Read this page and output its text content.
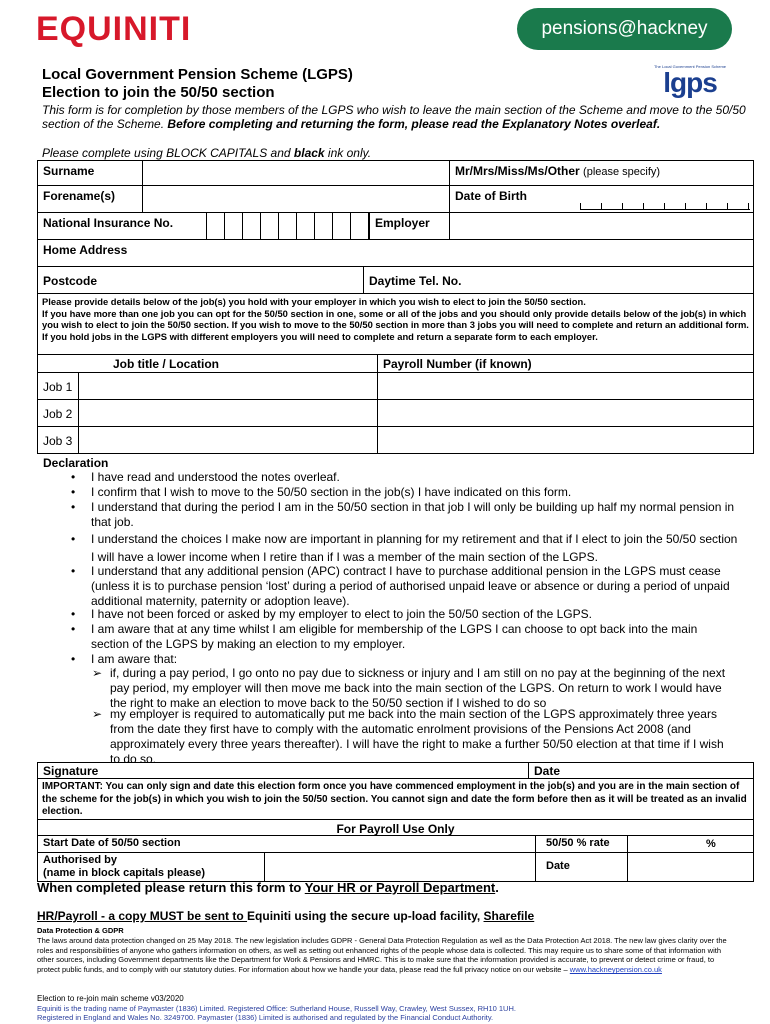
EQUINITI	pensions@hackney
The Local Government Pension Scheme
lgps
Local Government Pension Scheme (LGPS)
Election to join the 50/50 section
This form is for completion by those members of the LGPS who wish to leave the main section of the Scheme and move to the 50/50 section of the Scheme. Before completing and returning the form, please read the Explanatory Notes overleaf.
Please complete using BLOCK CAPITALS and black ink only.
Surname	Mr/Mrs/Miss/Ms/Other (please specify)
Forename(s)	Date of Birth
National Insurance No.	Employer
Home Address
Postcode	Daytime Tel. No.
Please provide details below of the job(s) you hold with your employer in which you wish to elect to join the 50/50 section.
If you have more than one job you can opt for the 50/50 section in one, some or all of the jobs and you should only provide details below of the job(s) in which you wish to elect to join the 50/50 section. If you wish to move to the 50/50 section in more than 3 jobs you will need to complete and return an additional form.
If you hold jobs in the LGPS with different employers you will need to complete and return a separate form to each employer.
Job title / Location	Payroll Number (if known)
Job 1
Job 2
Job 3
Declaration
• I have read and understood the notes overleaf.
• I confirm that I wish to move to the 50/50 section in the job(s) I have indicated on this form.
• I understand that during the period I am in the 50/50 section in that job I will only be building up half my normal pension in that job.
• I understand the choices I make now are important in planning for my retirement and that if I elect to join the 50/50 section I will have a lower income when I retire than if I was a member of the main section of the LGPS.
• I understand that any additional pension (APC) contract I have to purchase additional pension in the LGPS must cease (unless it is to purchase pension ‘lost’ during a period of authorised unpaid leave or absence or during a period of unpaid additional maternity, paternity or adoption leave).
• I have not been forced or asked by my employer to elect to join the 50/50 section of the LGPS.
• I am aware that at any time whilst I am eligible for membership of the LGPS I can choose to opt back into the main section of the LGPS by making an election to my employer.
• I am aware that:
➢ if, during a pay period, I go onto no pay due to sickness or injury and I am still on no pay at the beginning of the next pay period, my employer will then move me back into the main section of the LGPS. On return to work I would have the right to make an election to move back to the 50/50 section if I wished to do so
➢ my employer is required to automatically put me back into the main section of the LGPS approximately three years from the date they first have to comply with the automatic enrolment provisions of the Pensions Act 2008 (and approximately every three years thereafter). I will have the right to make a further 50/50 election at that time if I wish to do so.
Signature	Date
IMPORTANT: You can only sign and date this election form once you have commenced employment in the job(s) and you are in the main section of the scheme for the job(s) in which you wish to join the 50/50 section. You cannot sign and date the form before then as it will be treated as an invalid election.
For Payroll Use Only
Start Date of 50/50 section	50/50 % rate	%
Authorised by
(name in block capitals please)
Date
When completed please return this form to Your HR or Payroll Department.
HR/Payroll - a copy MUST be sent to Equiniti using the secure up-load facility, Sharefile
Data Protection & GDPR
The laws around data protection changed on 25 May 2018. The new legislation includes GDPR - General Data Protection Regulation as well as the Data Protection Act 2018. The new law gives clarity over the roles and responsibilities of anyone who gathers information on others, as well as setting out enhanced rights of the people whose data is collected. This may require us to share some of that information with other sources, including Government departments like the Department for Work & Pensions and HMRC. This is to make sure that the information provided is accurate, to prevent or detect crime or fraud, to protect public funds, and to comply with our statutory duties. For information about how we handle your data, please read the full privacy notice on our website – www.hackneypension.co.uk
Election to re-join main scheme v03/2020
Equiniti is the trading name of Paymaster (1836) Limited. Registered Office: Sutherland House, Russell Way, Crawley, West Sussex, RH10 1UH.
Registered in England and Wales No. 3249700. Paymaster (1836) Limited is authorised and regulated by the Financial Conduct Authority.
